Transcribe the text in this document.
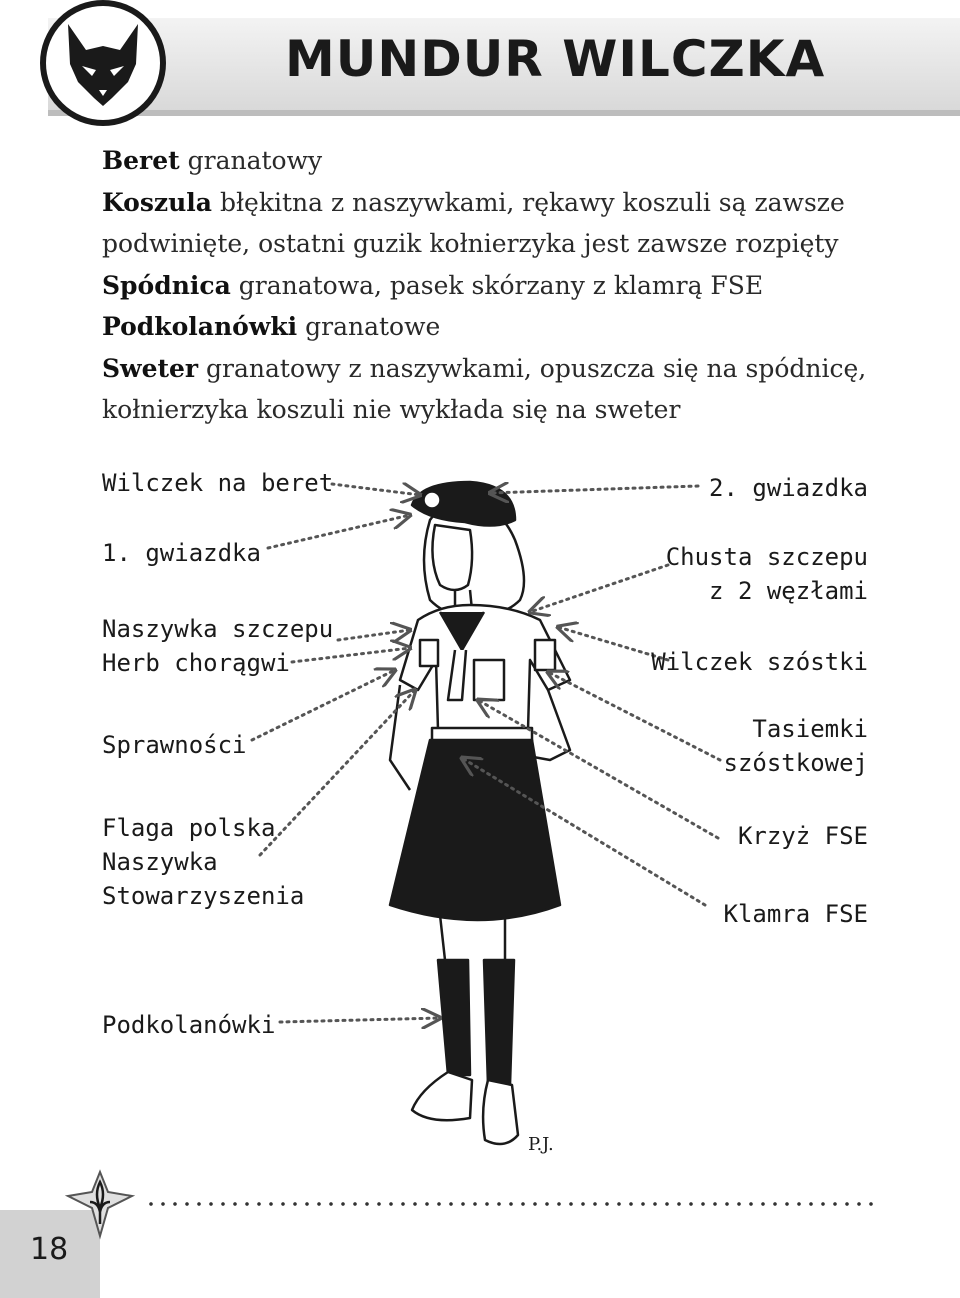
MUNDUR WILCZKA

Beret granatowy

Koszula błękitna z naszywkami, rękawy koszuli są zawsze podwinięte, ostatni guzik kołnierzyka jest zawsze rozpięty

Spódnica granatowa, pasek skórzany z klamrą FSE

Podkolanówki granatowe

Sweter granatowy z naszywkami, opuszcza się na spódnicę, kołnierzyka koszuli nie wykłada się na sweter

P.J.
Wilczek na beret
1. gwiazdka
Naszywka szczepu
Herb chorągwi
Sprawności
Flaga polska
Naszywka
Stowarzyszenia
Podkolanówki
2. gwiazdka
Chusta szczepu
z 2 węzłami
Wilczek szóstki
Tasiemki
szóstkowej
Krzyż FSE
Klamra FSE
18
